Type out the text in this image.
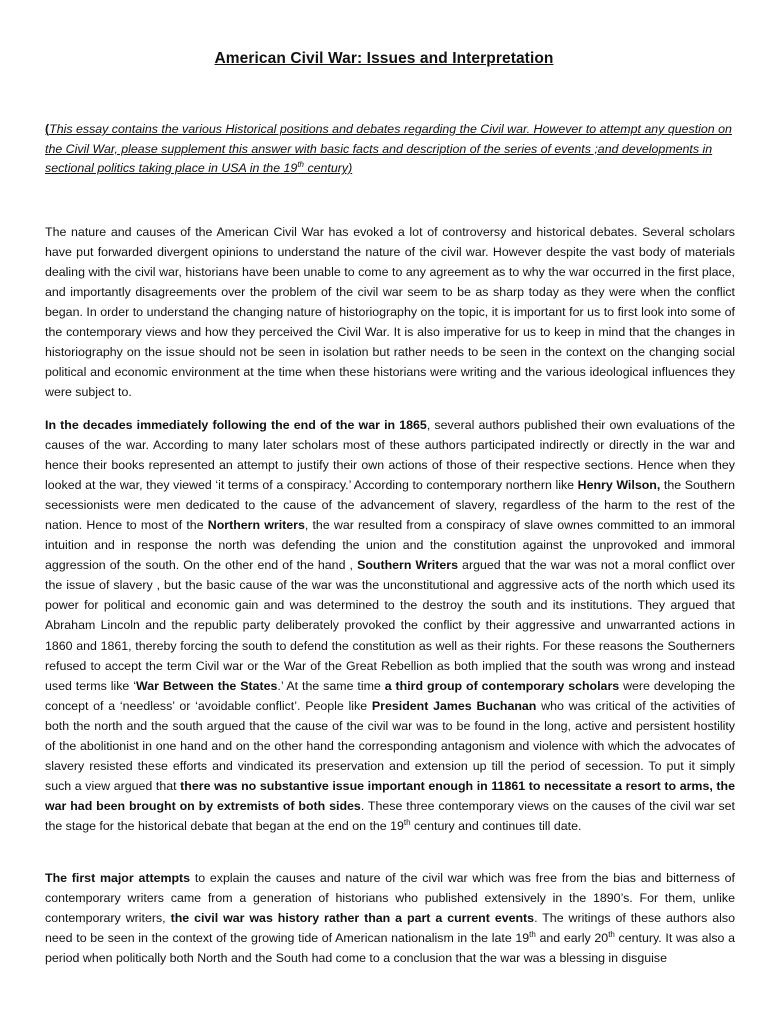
American Civil War: Issues and Interpretation
(This essay contains the various Historical positions and debates regarding the Civil war. However to attempt any question on the Civil War, please supplement this answer with basic facts and description of the series of events ;and developments in sectional politics taking place in USA in the 19th century)
The nature and causes of the American Civil War has evoked a lot of controversy and historical debates. Several scholars have put forwarded divergent opinions to understand the nature of the civil war. However despite the vast body of materials dealing with the civil war, historians have been unable to come to any agreement as to why the war occurred in the first place, and importantly disagreements over the problem of the civil war seem to be as sharp today as they were when the conflict began. In order to understand the changing nature of historiography on the topic, it is important for us to first look into some of the contemporary views and how they perceived the Civil War. It is also imperative for us to keep in mind that the changes in historiography on the issue should not be seen in isolation but rather needs to be seen in the context on the changing social political and economic environment at the time when these historians were writing and the various ideological influences they were subject to.
In the decades immediately following the end of the war in 1865, several authors published their own evaluations of the causes of the war. According to many later scholars most of these authors participated indirectly or directly in the war and hence their books represented an attempt to justify their own actions of those of their respective sections. Hence when they looked at the war, they viewed ‘it terms of a conspiracy.’ According to contemporary northern like Henry Wilson, the Southern secessionists were men dedicated to the cause of the advancement of slavery, regardless of the harm to the rest of the nation. Hence to most of the Northern writers, the war resulted from a conspiracy of slave ownes committed to an immoral intuition and in response the north was defending the union and the constitution against the unprovoked and immoral aggression of the south. On the other end of the hand , Southern Writers argued that the war was not a moral conflict over the issue of slavery , but the basic cause of the war was the unconstitutional and aggressive acts of the north which used its power for political and economic gain and was determined to the destroy the south and its institutions. They argued that Abraham Lincoln and the republic party deliberately provoked the conflict by their aggressive and unwarranted actions in 1860 and 1861, thereby forcing the south to defend the constitution as well as their rights. For these reasons the Southerners refused to accept the term Civil war or the War of the Great Rebellion as both implied that the south was wrong and instead used terms like ‘War Between the States.’ At the same time a third group of contemporary scholars were developing the concept of a ‘needless’ or ‘avoidable conflict’. People like President James Buchanan who was critical of the activities of both the north and the south argued that the cause of the civil war was to be found in the long, active and persistent hostility of the abolitionist in one hand and on the other hand the corresponding antagonism and violence with which the advocates of slavery resisted these efforts and vindicated its preservation and extension up till the period of secession. To put it simply such a view argued that there was no substantive issue important enough in 11861 to necessitate a resort to arms, the war had been brought on by extremists of both sides. These three contemporary views on the causes of the civil war set the stage for the historical debate that began at the end on the 19th century and continues till date.
The first major attempts to explain the causes and nature of the civil war which was free from the bias and bitterness of contemporary writers came from a generation of historians who published extensively in the 1890’s. For them, unlike contemporary writers, the civil war was history rather than a part a current events. The writings of these authors also need to be seen in the context of the growing tide of American nationalism in the late 19th and early 20th century. It was also a period when politically both North and the South had come to a conclusion that the war was a blessing in disguise
